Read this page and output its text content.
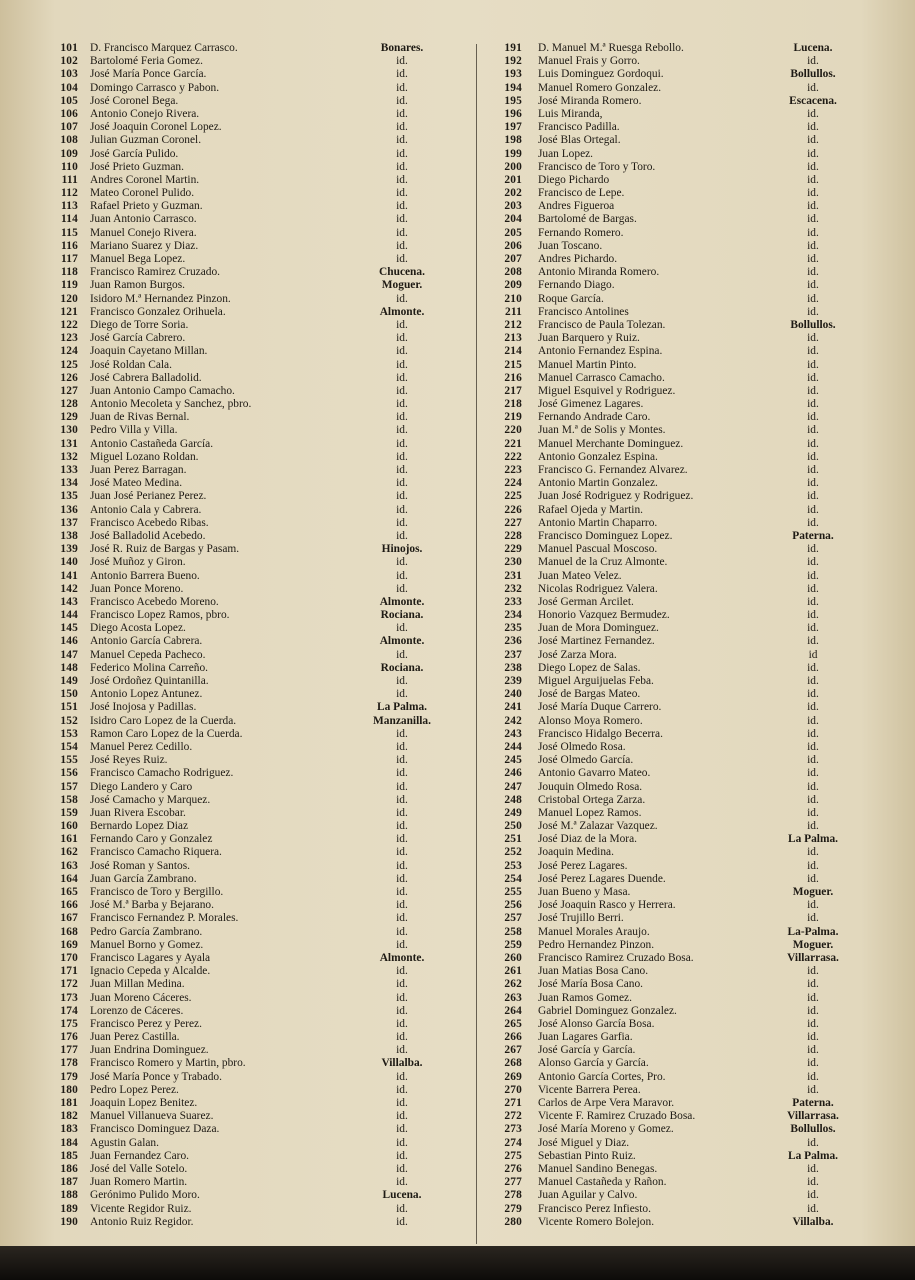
101 D. Francisco Marquez Carrasco.	Bonares.
102 Bartolomé Feria Gomez.	id.
103 José María Ponce García.	id.
104 Domingo Carrasco y Pabon.	id.
105 José Coronel Bega.	id.
106 Antonio Conejo Rivera.	id.
107 José Joaquin Coronel Lopez.	id.
108 Julian Guzman Coronel.	id.
109 José García Pulido.	id.
110 José Prieto Guzman.	id.
111 Andres Coronel Martin.	id.
112 Mateo Coronel Pulido.	id.
113 Rafael Prieto y Guzman.	id.
114 Juan Antonio Carrasco.	id.
115 Manuel Conejo Rivera.	id.
116 Mariano Suarez y Diaz.	id.
117 Manuel Bega Lopez.	id.
118 Francisco Ramirez Cruzado.	Chucena.
119 Juan Ramon Burgos.	Moguer.
120 Isidoro M.ª Hernandez Pinzon.	id.
121 Francisco Gonzalez Orihuela.	Almonte.
122 Diego de Torre Soria.	id.
123 José García Cabrero.	id.
124 Joaquin Cayetano Millan.	id.
125 José Roldan Cala.	id.
126 José Cabrera Balladolid.	id.
127 Juan Antonio Campo Camacho.	id.
128 Antonio Mecoleta y Sanchez, pbro.	id.
129 Juan de Rivas Bernal.	id.
130 Pedro Villa y Villa.	id.
131 Antonio Castañeda García.	id.
132 Miguel Lozano Roldan.	id.
133 Juan Perez Barragan.	id.
134 José Mateo Medina.	id.
135 Juan José Perianez Perez.	id.
136 Antonio Cala y Cabrera.	id.
137 Francisco Acebedo Ribas.	id.
138 José Balladolid Acebedo.	id.
139 José R. Ruiz de Bargas y Pasam.	Hinojos.
140 José Muñoz y Giron.	id.
141 Antonio Barrera Bueno.	id.
142 Juan Ponce Moreno.	id.
143 Francisco Acebedo Moreno.	Almonte.
144 Francisco Lopez Ramos, pbro.	Rociana.
145 Diego Acosta Lopez.	id.
146 Antonio García Cabrera.	Almonte.
147 Manuel Cepeda Pacheco.	id.
148 Federico Molina Carreño.	Rociana.
149 José Ordoñez Quintanilla.	id.
150 Antonio Lopez Antunez.	id.
151 José Inojosa y Padillas.	La Palma.
152 Isidro Caro Lopez de la Cuerda.	Manzanilla.
153 Ramon Caro Lopez de la Cuerda.	id.
154 Manuel Perez Cedillo.	id.
155 José Reyes Ruiz.	id.
156 Francisco Camacho Rodriguez.	id.
157 Diego Landero y Caro	id.
158 José Camacho y Marquez.	id.
159 Juan Rivera Escobar.	id.
160 Bernardo Lopez Diaz	id.
161 Fernando Caro y Gonzalez	id.
162 Francisco Camacho Riquera.	id.
163 José Roman y Santos.	id.
164 Juan García Zambrano.	id.
165 Francisco de Toro y Bergillo.	id.
166 José M.ª Barba y Bejarano.	id.
167 Francisco Fernandez P. Morales.	id.
168 Pedro García Zambrano.	id.
169 Manuel Borno y Gomez.	id.
170 Francisco Lagares y Ayala	Almonte.
171 Ignacio Cepeda y Alcalde.	id.
172 Juan Millan Medina.	id.
173 Juan Moreno Cáceres.	id.
174 Lorenzo de Cáceres.	id.
175 Francisco Perez y Perez.	id.
176 Juan Perez Castilla.	id.
177 Juan Endrina Dominguez.	id.
178 Francisco Romero y Martin, pbro.	Villalba.
179 José María Ponce y Trabado.	id.
180 Pedro Lopez Perez.	id.
181 Joaquin Lopez Benitez.	id.
182 Manuel Villanueva Suarez.	id.
183 Francisco Dominguez Daza.	id.
184 Agustin Galan.	id.
185 Juan Fernandez Caro.	id.
186 José del Valle Sotelo.	id.
187 Juan Romero Martin.	id.
188 Gerónimo Pulido Moro.	Lucena.
189 Vicente Regidor Ruiz.	id.
190 Antonio Ruiz Regidor.	id.
191 D. Manuel M.ª Ruesga Rebollo.	Lucena.
192 Manuel Frais y Gorro.	id.
193 Luis Dominguez Gordoqui.	Bollullos.
194 Manuel Romero Gonzalez.	id.
195 José Miranda Romero.	Escacena.
196 Luis Miranda,	id.
197 Francisco Padilla.	id.
198 José Blas Ortegal.	id.
199 Juan Lopez.	id.
200 Francisco de Toro y Toro.	id.
201 Diego Pichardo	id.
202 Francisco de Lepe.	id.
203 Andres Figueroa	id.
204 Bartolomé de Bargas.	id.
205 Fernando Romero.	id.
206 Juan Toscano.	id.
207 Andres Pichardo.	id.
208 Antonio Miranda Romero.	id.
209 Fernando Diago.	id.
210 Roque García.	id.
211 Francisco Antolines	id.
212 Francisco de Paula Tolezan.	Bollullos.
213 Juan Barquero y Ruiz.	id.
214 Antonio Fernandez Espina.	id.
215 Manuel Martin Pinto.	id.
216 Manuel Carrasco Camacho.	id.
217 Miguel Esquivel y Rodriguez.	id.
218 José Gimenez Lagares.	id.
219 Fernando Andrade Caro.	id.
220 Juan M.ª de Solis y Montes.	id.
221 Manuel Merchante Dominguez.	id.
222 Antonio Gonzalez Espina.	id.
223 Francisco G. Fernandez Alvarez.	id.
224 Antonio Martin Gonzalez.	id.
225 Juan José Rodriguez y Rodriguez.	id.
226 Rafael Ojeda y Martin.	id.
227 Antonio Martin Chaparro.	id.
228 Francisco Dominguez Lopez.	Paterna.
229 Manuel Pascual Moscoso.	id.
230 Manuel de la Cruz Almonte.	id.
231 Juan Mateo Velez.	id.
232 Nicolas Rodriguez Valera.	id.
233 José German Arcilet.	id.
234 Honorio Vazquez Bermudez.	id.
235 Juan de Mora Dominguez.	id.
236 José Martinez Fernandez.	id.
237 José Zarza Mora.	id
238 Diego Lopez de Salas.	id.
239 Miguel Arguijuelas Feba.	id.
240 José de Bargas Mateo.	id.
241 José María Duque Carrero.	id.
242 Alonso Moya Romero.	id.
243 Francisco Hidalgo Becerra.	id.
244 José Olmedo Rosa.	id.
245 José Olmedo García.	id.
246 Antonio Gavarro Mateo.	id.
247 Jouquin Olmedo Rosa.	id.
248 Cristobal Ortega Zarza.	id.
249 Manuel Lopez Ramos.	id.
250 José M.ª Zalazar Vazquez.	id.
251 José Diaz de la Mora.	La Palma.
252 Joaquin Medina.	id.
253 José Perez Lagares.	id.
254 José Perez Lagares Duende.	id.
255 Juan Bueno y Masa.	Moguer.
256 José Joaquin Rasco y Herrera.	id.
257 José Trujillo Berri.	id.
258 Manuel Morales Araujo.	La-Palma.
259 Pedro Hernandez Pinzon.	Moguer.
260 Francisco Ramirez Cruzado Bosa.	Villarrasa.
261 Juan Matias Bosa Cano.	id.
262 José María Bosa Cano.	id.
263 Juan Ramos Gomez.	id.
264 Gabriel Dominguez Gonzalez.	id.
265 José Alonso García Bosa.	id.
266 Juan Lagares Garfia.	id.
267 José García y García.	id.
268 Alonso García y García.	id.
269 Antonio García Cortes, Pro.	id.
270 Vicente Barrera Perea.	id.
271 Carlos de Arpe Vera Maravor.	Paterna.
272 Vicente F. Ramirez Cruzado Bosa.	Villarrasa.
273 José María Moreno y Gomez.	Bollullos.
274 José Miguel y Diaz.	id.
275 Sebastian Pinto Ruiz.	La Palma.
276 Manuel Sandino Benegas.	id.
277 Manuel Castañeda y Rañon.	id.
278 Juan Aguilar y Calvo.	id.
279 Francisco Perez Infiesto.	id.
280 Vicente Romero Bolejon.	Villalba.
